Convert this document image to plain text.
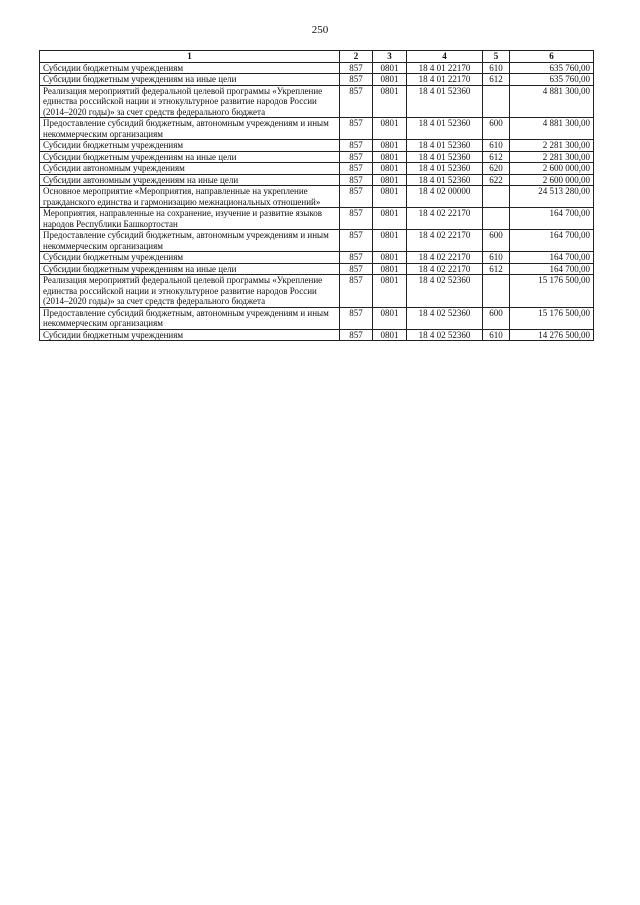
250
1	2	3	4	5	6
Субсидии бюджетным учреждениям	857	0801	18 4 01 22170	610	635 760,00
Субсидии бюджетным учреждениям на иные цели	857	0801	18 4 01 22170	612	635 760,00
Реализация мероприятий федеральной целевой программы «Укрепление единства российской нации и этнокультурное развитие народов России (2014–2020 годы)» за счет средств федерального бюджета	857	0801	18 4 01 52360		4 881 300,00
Предоставление субсидий бюджетным, автономным учреждениям и иным некоммерческим организациям	857	0801	18 4 01 52360	600	4 881 300,00
Субсидии бюджетным учреждениям	857	0801	18 4 01 52360	610	2 281 300,00
Субсидии бюджетным учреждениям на иные цели	857	0801	18 4 01 52360	612	2 281 300,00
Субсидии автономным учреждениям	857	0801	18 4 01 52360	620	2 600 000,00
Субсидии автономным учреждениям на иные цели	857	0801	18 4 01 52360	622	2 600 000,00
Основное мероприятие «Мероприятия, направленные на укрепление гражданского единства и гармонизацию межнациональных отношений»	857	0801	18 4 02 00000		24 513 280,00
Мероприятия, направленные на сохранение, изучение и развитие языков народов Республики Башкортостан	857	0801	18 4 02 22170		164 700,00
Предоставление субсидий бюджетным, автономным учреждениям и иным некоммерческим организациям	857	0801	18 4 02 22170	600	164 700,00
Субсидии бюджетным учреждениям	857	0801	18 4 02 22170	610	164 700,00
Субсидии бюджетным учреждениям на иные цели	857	0801	18 4 02 22170	612	164 700,00
Реализация мероприятий федеральной целевой программы «Укрепление единства российской нации и этнокультурное развитие народов России (2014–2020 годы)» за счет средств федерального бюджета	857	0801	18 4 02 52360		15 176 500,00
Предоставление субсидий бюджетным, автономным учреждениям и иным некоммерческим организациям	857	0801	18 4 02 52360	600	15 176 500,00
Субсидии бюджетным учреждениям	857	0801	18 4 02 52360	610	14 276 500,00
